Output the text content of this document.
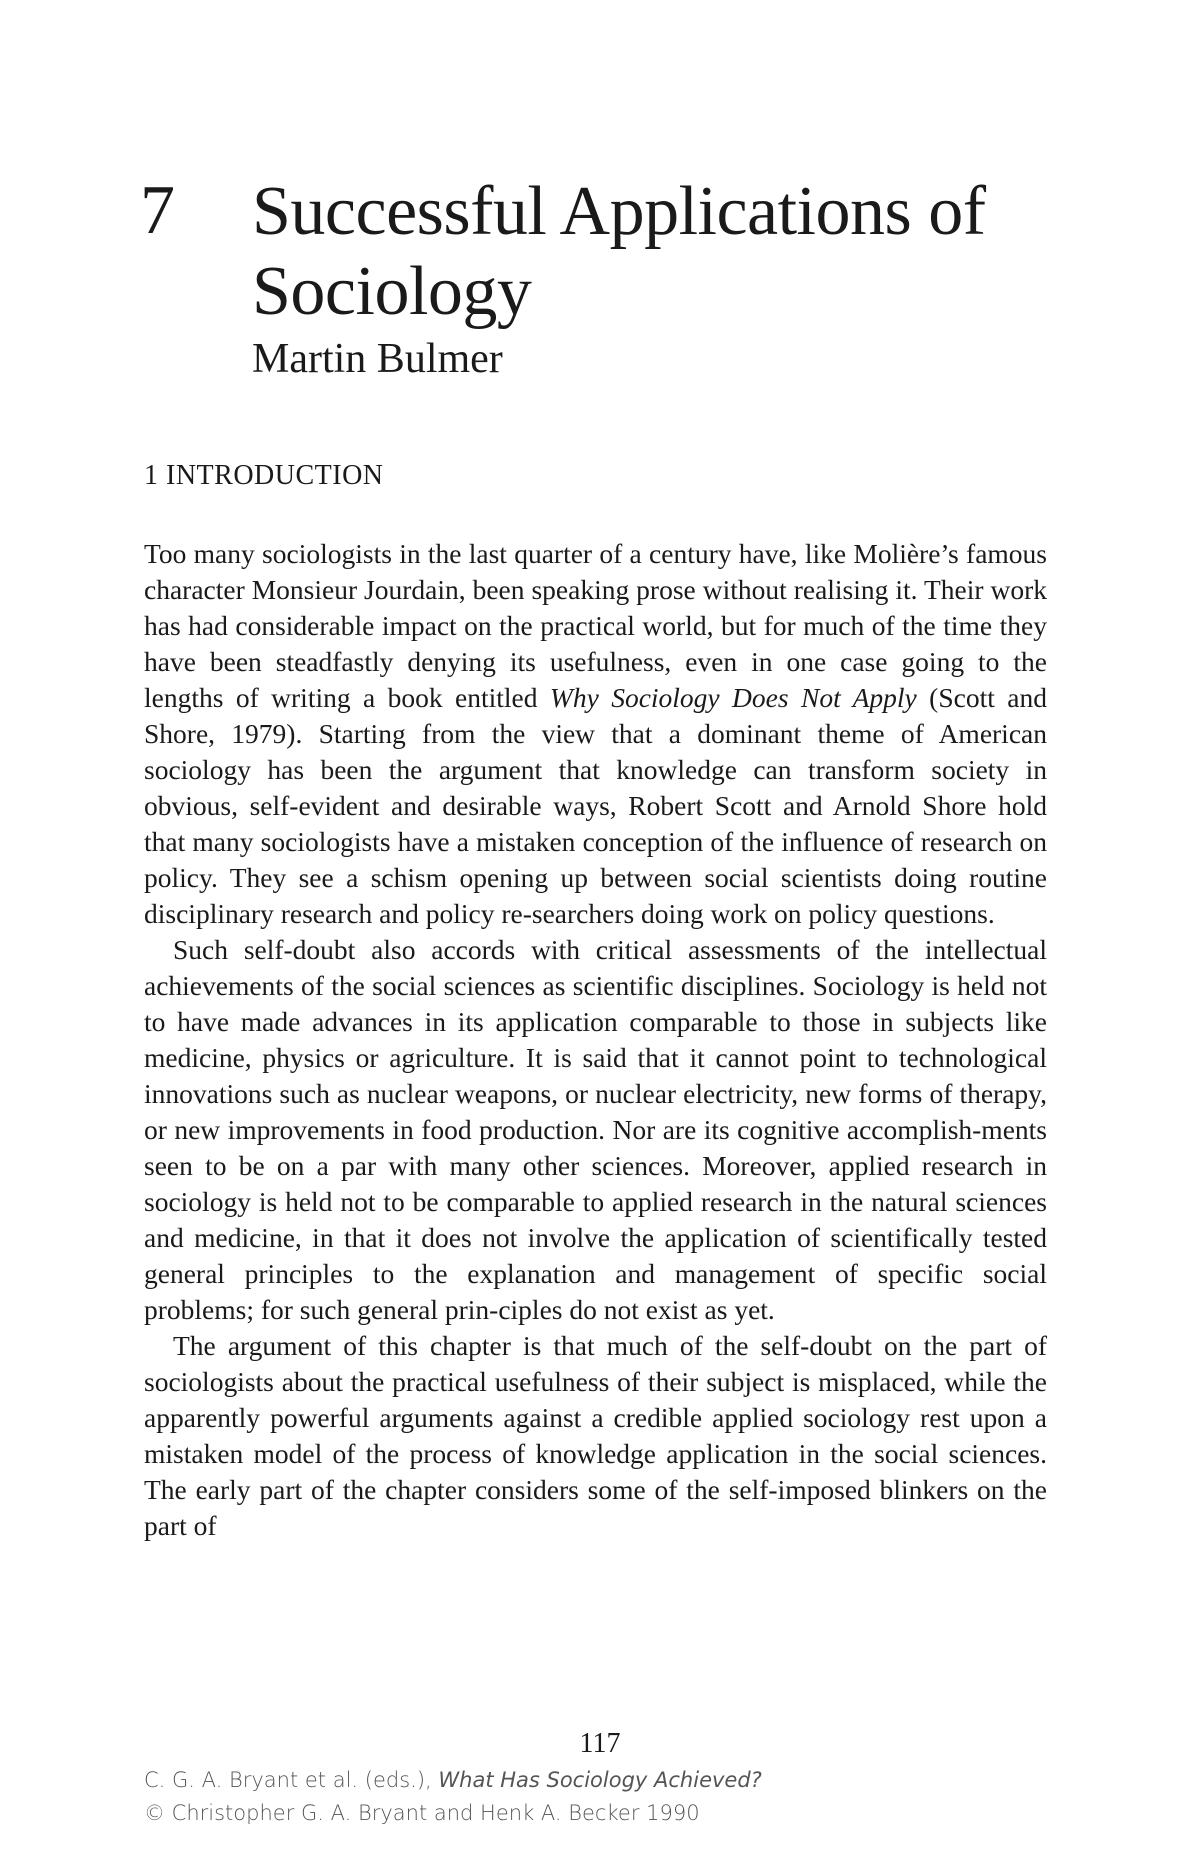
7 Successful Applications of Sociology
Martin Bulmer
1 INTRODUCTION

Too many sociologists in the last quarter of a century have, like Molière’s famous character Monsieur Jourdain, been speaking prose without realising it. Their work has had considerable impact on the practical world, but for much of the time they have been steadfastly denying its usefulness, even in one case going to the lengths of writing a book entitled Why Sociology Does Not Apply (Scott and Shore, 1979). Starting from the view that a dominant theme of American sociology has been the argument that knowledge can transform society in obvious, self-evident and desirable ways, Robert Scott and Arnold Shore hold that many sociologists have a mistaken conception of the influence of research on policy. They see a schism opening up between social scientists doing routine disciplinary research and policy re-searchers doing work on policy questions.

Such self-doubt also accords with critical assessments of the intellectual achievements of the social sciences as scientific disciplines. Sociology is held not to have made advances in its application comparable to those in subjects like medicine, physics or agriculture. It is said that it cannot point to technological innovations such as nuclear weapons, or nuclear electricity, new forms of therapy, or new improvements in food production. Nor are its cognitive accomplish-ments seen to be on a par with many other sciences. Moreover, applied research in sociology is held not to be comparable to applied research in the natural sciences and medicine, in that it does not involve the application of scientifically tested general principles to the explanation and management of specific social problems; for such general prin-ciples do not exist as yet.

The argument of this chapter is that much of the self-doubt on the part of sociologists about the practical usefulness of their subject is misplaced, while the apparently powerful arguments against a credible applied sociology rest upon a mistaken model of the process of knowledge application in the social sciences. The early part of the chapter considers some of the self-imposed blinkers on the part of

117
C. G. A. Bryant et al. (eds.), What Has Sociology Achieved?
© Christopher G. A. Bryant and Henk A. Becker 1990
